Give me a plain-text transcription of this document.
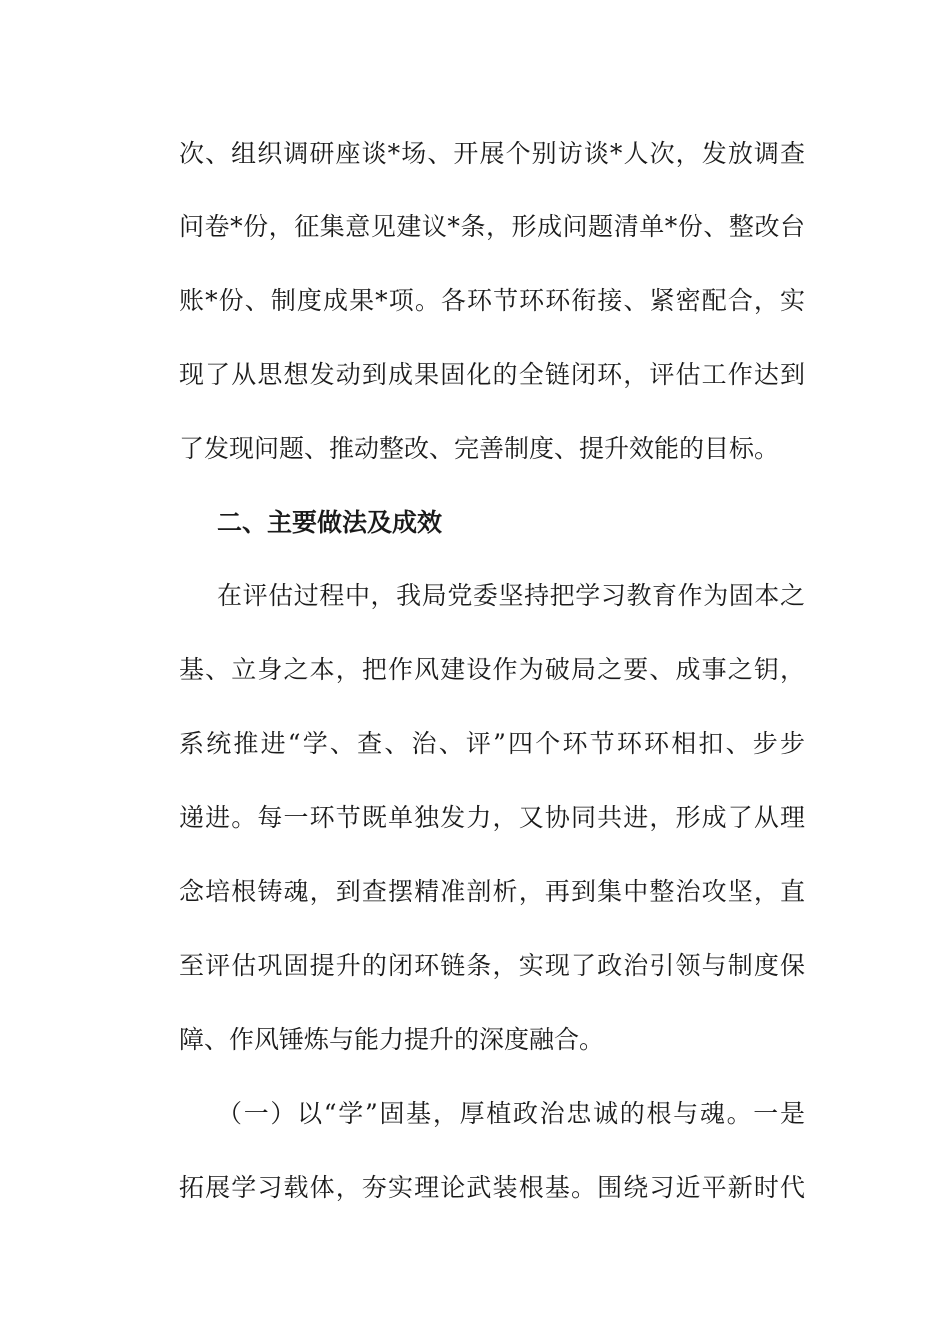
次、组织调研座谈*场、开展个别访谈*人次，发放调查
问卷*份，征集意见建议*条，形成问题清单*份、整改台
账*份、制度成果*项。各环节环环衔接、紧密配合，实
现了从思想发动到成果固化的全链闭环，评估工作达到
了发现问题、推动整改、完善制度、提升效能的目标。
二、主要做法及成效
在评估过程中，我局党委坚持把学习教育作为固本之
基、立身之本，把作风建设作为破局之要、成事之钥，
系统推进“学、查、治、评”四个环节环环相扣、步步
递进。每一环节既单独发力，又协同共进，形成了从理
念培根铸魂，到查摆精准剖析，再到集中整治攻坚，直
至评估巩固提升的闭环链条，实现了政治引领与制度保
障、作风锤炼与能力提升的深度融合。
（一）以“学”固基，厚植政治忠诚的根与魂。一是
拓展学习载体，夯实理论武装根基。围绕习近平新时代
